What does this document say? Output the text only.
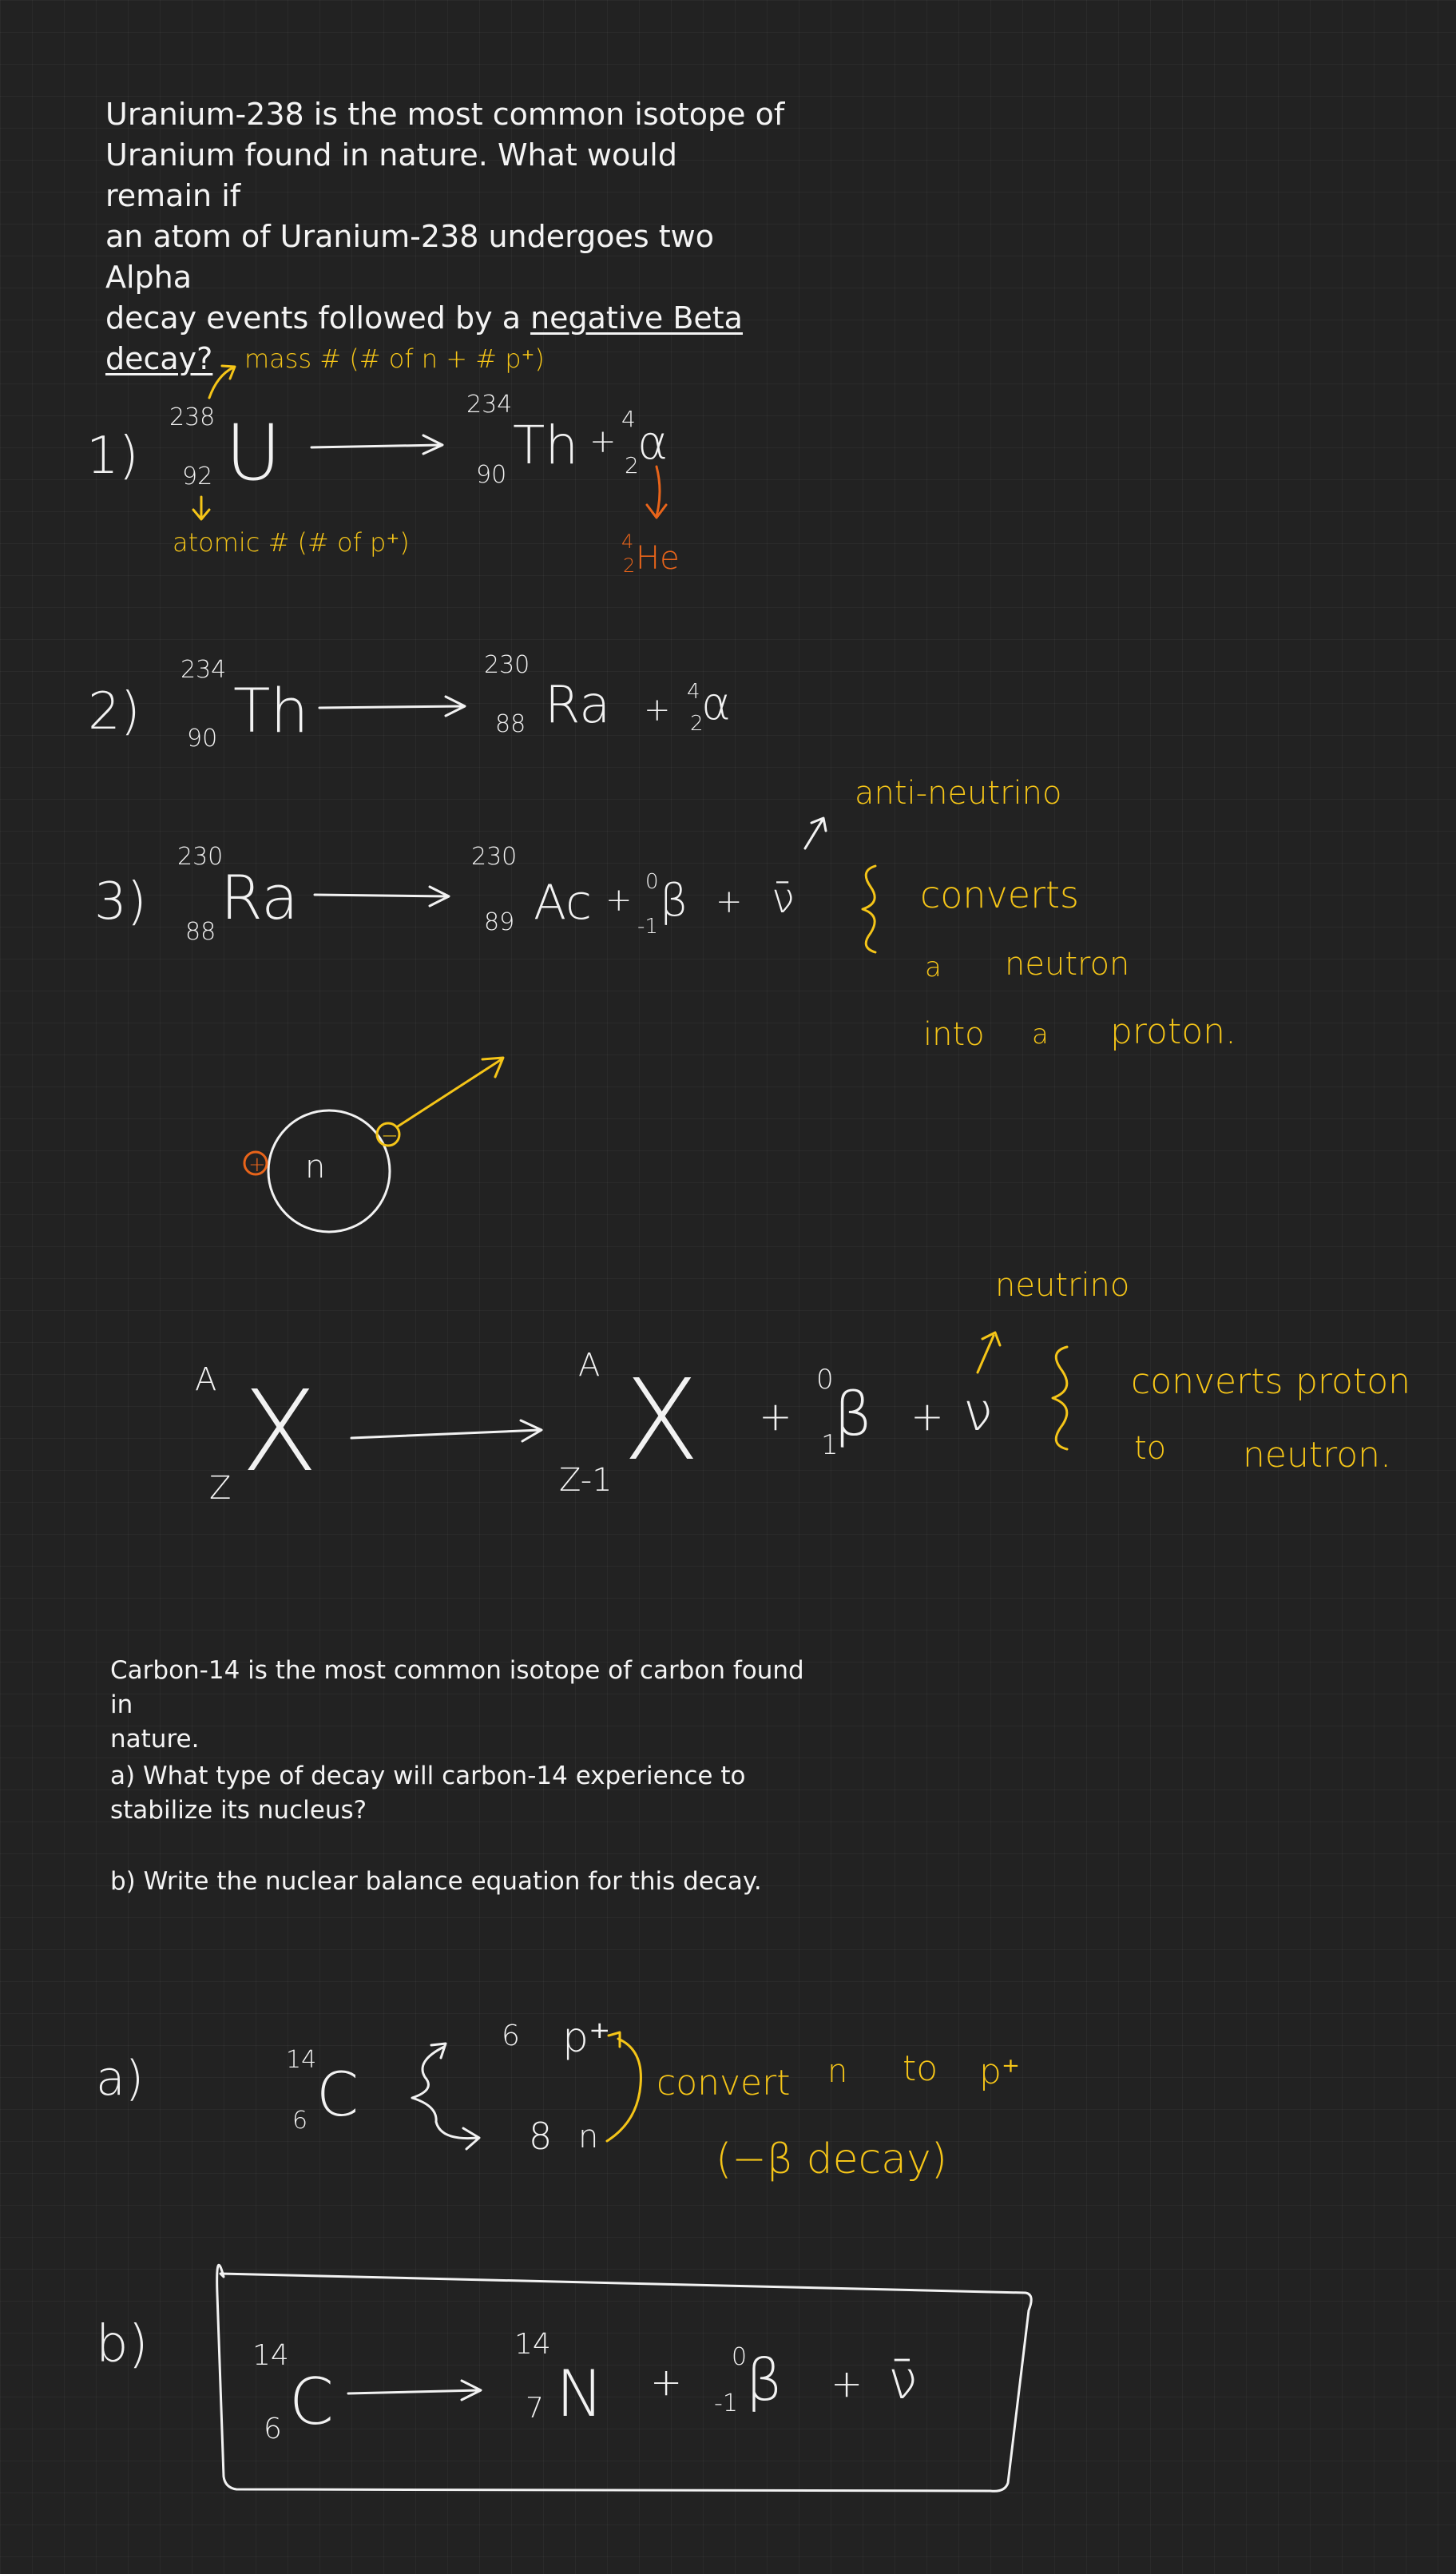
Uranium-238 is the most common isotope of
Uranium found in nature. What would remain if
an atom of Uranium-238 undergoes two Alpha
decay events followed by a negative Beta
decay?
Carbon-14 is the most common isotope of carbon found in
nature.
a) What type of decay will carbon-14 experience to
stabilize its nucleus?
b) Write the nuclear balance equation for this decay.
1)
238
92 U
234
90 Th +
4
2
α
mass # (# of n + # p⁺)
atomic # (# of p⁺)	4
2 He
2)
234
90 Th
230
88 Ra + 4
2
α
3)
230
88 Ra
230
89 Ac + 0
-1 β + ν̄
anti-neutrino
converts
a neutron
into a proton.
n
+
−
A
Z X
A
Z-1 X +
0
1
β + ν
neutrino
converts proton
to neutron.
a)	14
6 C
6 p⁺
8 n
convert n to p⁺
(−β decay)
b)	14
6 C
14
7 N +
0
-1 β + ν̄
